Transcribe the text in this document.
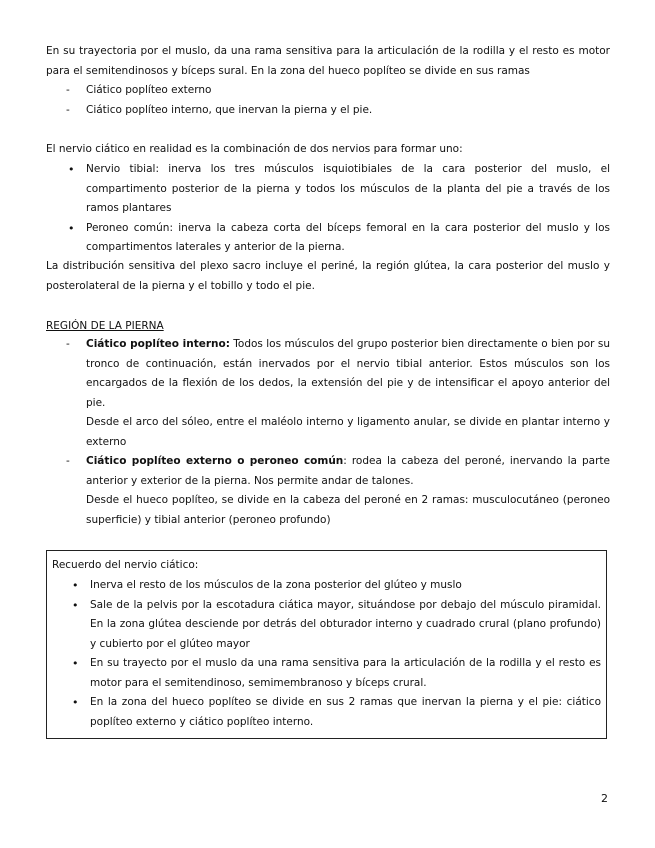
En su trayectoria por el muslo, da una rama sensitiva para la articulación de la rodilla y el resto es motor para el semitendinosos y bíceps sural. En la zona del hueco poplíteo se divide en sus ramas

- Ciático poplíteo externo
- Ciático poplíteo interno, que inervan la pierna y el pie.

El nervio ciático en realidad es la combinación de dos nervios para formar uno:

• Nervio tibial: inerva los tres músculos isquiotibiales de la cara posterior del muslo, el compartimento posterior de la pierna y todos los músculos de la planta del pie a través de los ramos plantares
• Peroneo común: inerva la cabeza corta del bíceps femoral en la cara posterior del muslo y los compartimentos laterales y anterior de la pierna.

La distribución sensitiva del plexo sacro incluye el periné, la región glútea, la cara posterior del muslo y posterolateral de la pierna y el tobillo y todo el pie.

REGIÓN DE LA PIERNA

- Ciático poplíteo interno: Todos los músculos del grupo posterior bien directamente o bien por su tronco de continuación, están inervados por el nervio tibial anterior. Estos músculos son los encargados de la flexión de los dedos, la extensión del pie y de intensificar el apoyo anterior del pie.
Desde el arco del sóleo, entre el maléolo interno y ligamento anular, se divide en plantar interno y externo
- Ciático poplíteo externo o peroneo común: rodea la cabeza del peroné, inervando la parte anterior y exterior de la pierna. Nos permite andar de talones.
Desde el hueco poplíteo, se divide en la cabeza del peroné en 2 ramas: musculocutáneo (peroneo superficie) y tibial anterior (peroneo profundo)

Recuerdo del nervio ciático:

• Inerva el resto de los músculos de la zona posterior del glúteo y muslo
• Sale de la pelvis por la escotadura ciática mayor, situándose por debajo del músculo piramidal. En la zona glútea desciende por detrás del obturador interno y cuadrado crural (plano profundo) y cubierto por el glúteo mayor
• En su trayecto por el muslo da una rama sensitiva para la articulación de la rodilla y el resto es motor para el semitendinoso, semimembranoso y bíceps crural.
• En la zona del hueco poplíteo se divide en sus 2 ramas que inervan la pierna y el pie: ciático poplíteo externo y ciático poplíteo interno.

2
